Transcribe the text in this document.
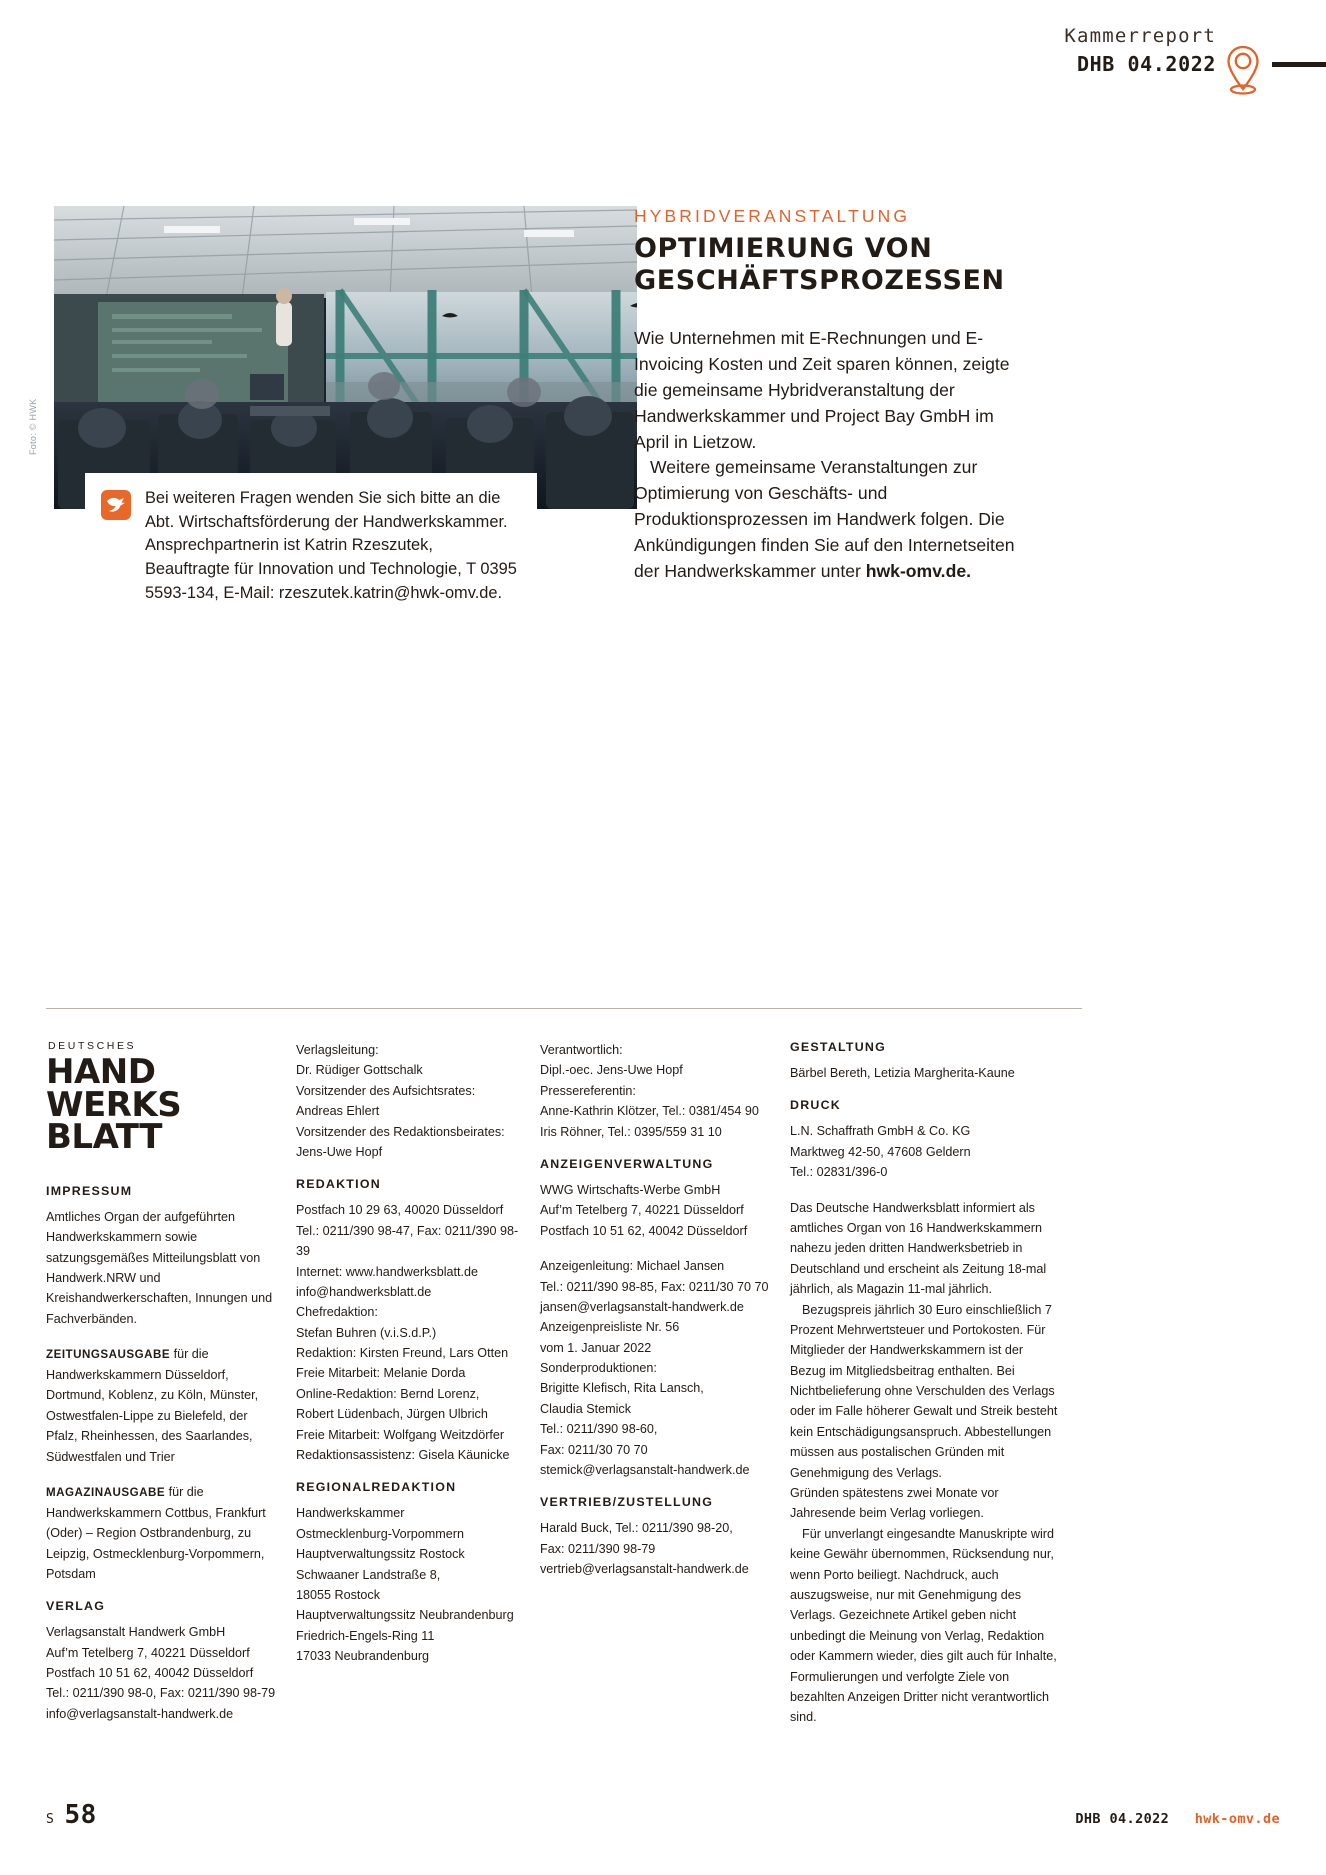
Kammerreport
DHB 04.2022
Foto: © HWK
Bei weiteren Fragen wenden Sie sich bitte an die Abt. Wirtschaftsförderung der Handwerkskammer. Ansprechpartnerin ist Katrin Rzeszutek, Beauftragte für Innovation und Technologie, T 0395 5593-134, E-Mail: rzeszutek.katrin@hwk-omv.de.
HYBRIDVERANSTALTUNG
OPTIMIERUNG VON
GESCHÄFTSPROZESSEN

Wie Unternehmen mit E-Rechnungen und E-Invoicing Kosten und Zeit sparen können, zeigte die gemeinsame Hybridveranstaltung der Handwerkskammer und Project Bay GmbH im April in Lietzow.

Weitere gemeinsame Veranstaltungen zur Optimierung von Geschäfts- und Produktionsprozessen im Handwerk folgen. Die Ankündigungen finden Sie auf den Internetseiten der Handwerkskammer unter hwk-omv.de.

DEUTSCHES
HAND
WERKS
BLATT
IMPRESSUM

Amtliches Organ der aufgeführten Handwerkskammern sowie satzungsgemäßes Mitteilungsblatt von Handwerk.NRW und Kreishandwerkerschaften, Innungen und Fachverbänden.

ZEITUNGSAUSGABE für die Handwerkskammern Düsseldorf, Dortmund, Koblenz, zu Köln, Münster, Ostwestfalen-Lippe zu Bielefeld, der Pfalz, Rheinhessen, des Saarlandes, Südwestfalen und Trier

MAGAZINAUSGABE für die Handwerkskammern Cottbus, Frankfurt (Oder) – Region Ostbrandenburg, zu Leipzig, Ostmecklenburg-Vorpommern, Potsdam

VERLAG

Verlagsanstalt Handwerk GmbH
Auf’m Tetelberg 7, 40221 Düsseldorf
Postfach 10 51 62, 40042 Düsseldorf
Tel.: 0211/390 98-0, Fax: 0211/390 98-79
info@verlagsanstalt-handwerk.de

Verlagsleitung:
Dr. Rüdiger Gottschalk
Vorsitzender des Aufsichtsrates:
Andreas Ehlert
Vorsitzender des Redaktionsbeirates:
Jens-Uwe Hopf

REDAKTION

Postfach 10 29 63, 40020 Düsseldorf
Tel.: 0211/390 98-47, Fax: 0211/390 98-39
Internet: www.handwerksblatt.de
info@handwerksblatt.de
Chefredaktion:
Stefan Buhren (v.i.S.d.P.)
Redaktion: Kirsten Freund, Lars Otten
Freie Mitarbeit: Melanie Dorda
Online-Redaktion: Bernd Lorenz,
Robert Lüdenbach, Jürgen Ulbrich
Freie Mitarbeit: Wolfgang Weitzdörfer
Redaktionsassistenz: Gisela Käunicke

REGIONALREDAKTION

Handwerkskammer
Ostmecklenburg-Vorpommern
Hauptverwaltungssitz Rostock
Schwaaner Landstraße 8,
18055 Rostock
Hauptverwaltungssitz Neubrandenburg
Friedrich-Engels-Ring 11
17033 Neubrandenburg

Verantwortlich:
Dipl.-oec. Jens-Uwe Hopf
Pressereferentin:
Anne-Kathrin Klötzer, Tel.: 0381/454 90
Iris Röhner, Tel.: 0395/559 31 10

ANZEIGENVERWALTUNG

WWG Wirtschafts-Werbe GmbH
Auf’m Tetelberg 7, 40221 Düsseldorf
Postfach 10 51 62, 40042 Düsseldorf

Anzeigenleitung: Michael Jansen
Tel.: 0211/390 98-85, Fax: 0211/30 70 70
jansen@verlagsanstalt-handwerk.de
Anzeigenpreisliste Nr. 56
vom 1. Januar 2022
Sonderproduktionen:
Brigitte Klefisch, Rita Lansch,
Claudia Stemick
Tel.: 0211/390 98-60,
Fax: 0211/30 70 70
stemick@verlagsanstalt-handwerk.de

VERTRIEB/ZUSTELLUNG

Harald Buck, Tel.: 0211/390 98-20,
Fax: 0211/390 98-79
vertrieb@verlagsanstalt-handwerk.de

GESTALTUNG

Bärbel Bereth, Letizia Margherita-Kaune

DRUCK

L.N. Schaffrath GmbH & Co. KG
Marktweg 42-50, 47608 Geldern
Tel.: 02831/396-0

Das Deutsche Handwerksblatt informiert als amtliches Organ von 16 Handwerkskammern nahezu jeden dritten Handwerksbetrieb in Deutschland und erscheint als Zeitung 18-mal jährlich, als Magazin 11-mal jährlich.

Bezugspreis jährlich 30 Euro einschließlich 7 Prozent Mehrwertsteuer und Portokosten. Für Mitglieder der Handwerkskammern ist der Bezug im Mitgliedsbeitrag enthalten. Bei Nichtbelieferung ohne Verschulden des Verlags oder im Falle höherer Gewalt und Streik besteht kein Entschädigungsanspruch. Abbestellungen müssen aus postalischen Gründen mit Genehmigung des Verlags.

Gründen spätestens zwei Monate vor Jahresende beim Verlag vorliegen.

Für unverlangt eingesandte Manuskripte wird keine Gewähr übernommen, Rücksendung nur, wenn Porto beiliegt. Nachdruck, auch auszugsweise, nur mit Genehmigung des Verlags. Gezeichnete Artikel geben nicht unbedingt die Meinung von Verlag, Redaktion oder Kammern wieder, dies gilt auch für Inhalte, Formulierungen und verfolgte Ziele von bezahlten Anzeigen Dritter nicht verantwortlich sind.

S 58	DHB 04.2022 hwk-omv.de
